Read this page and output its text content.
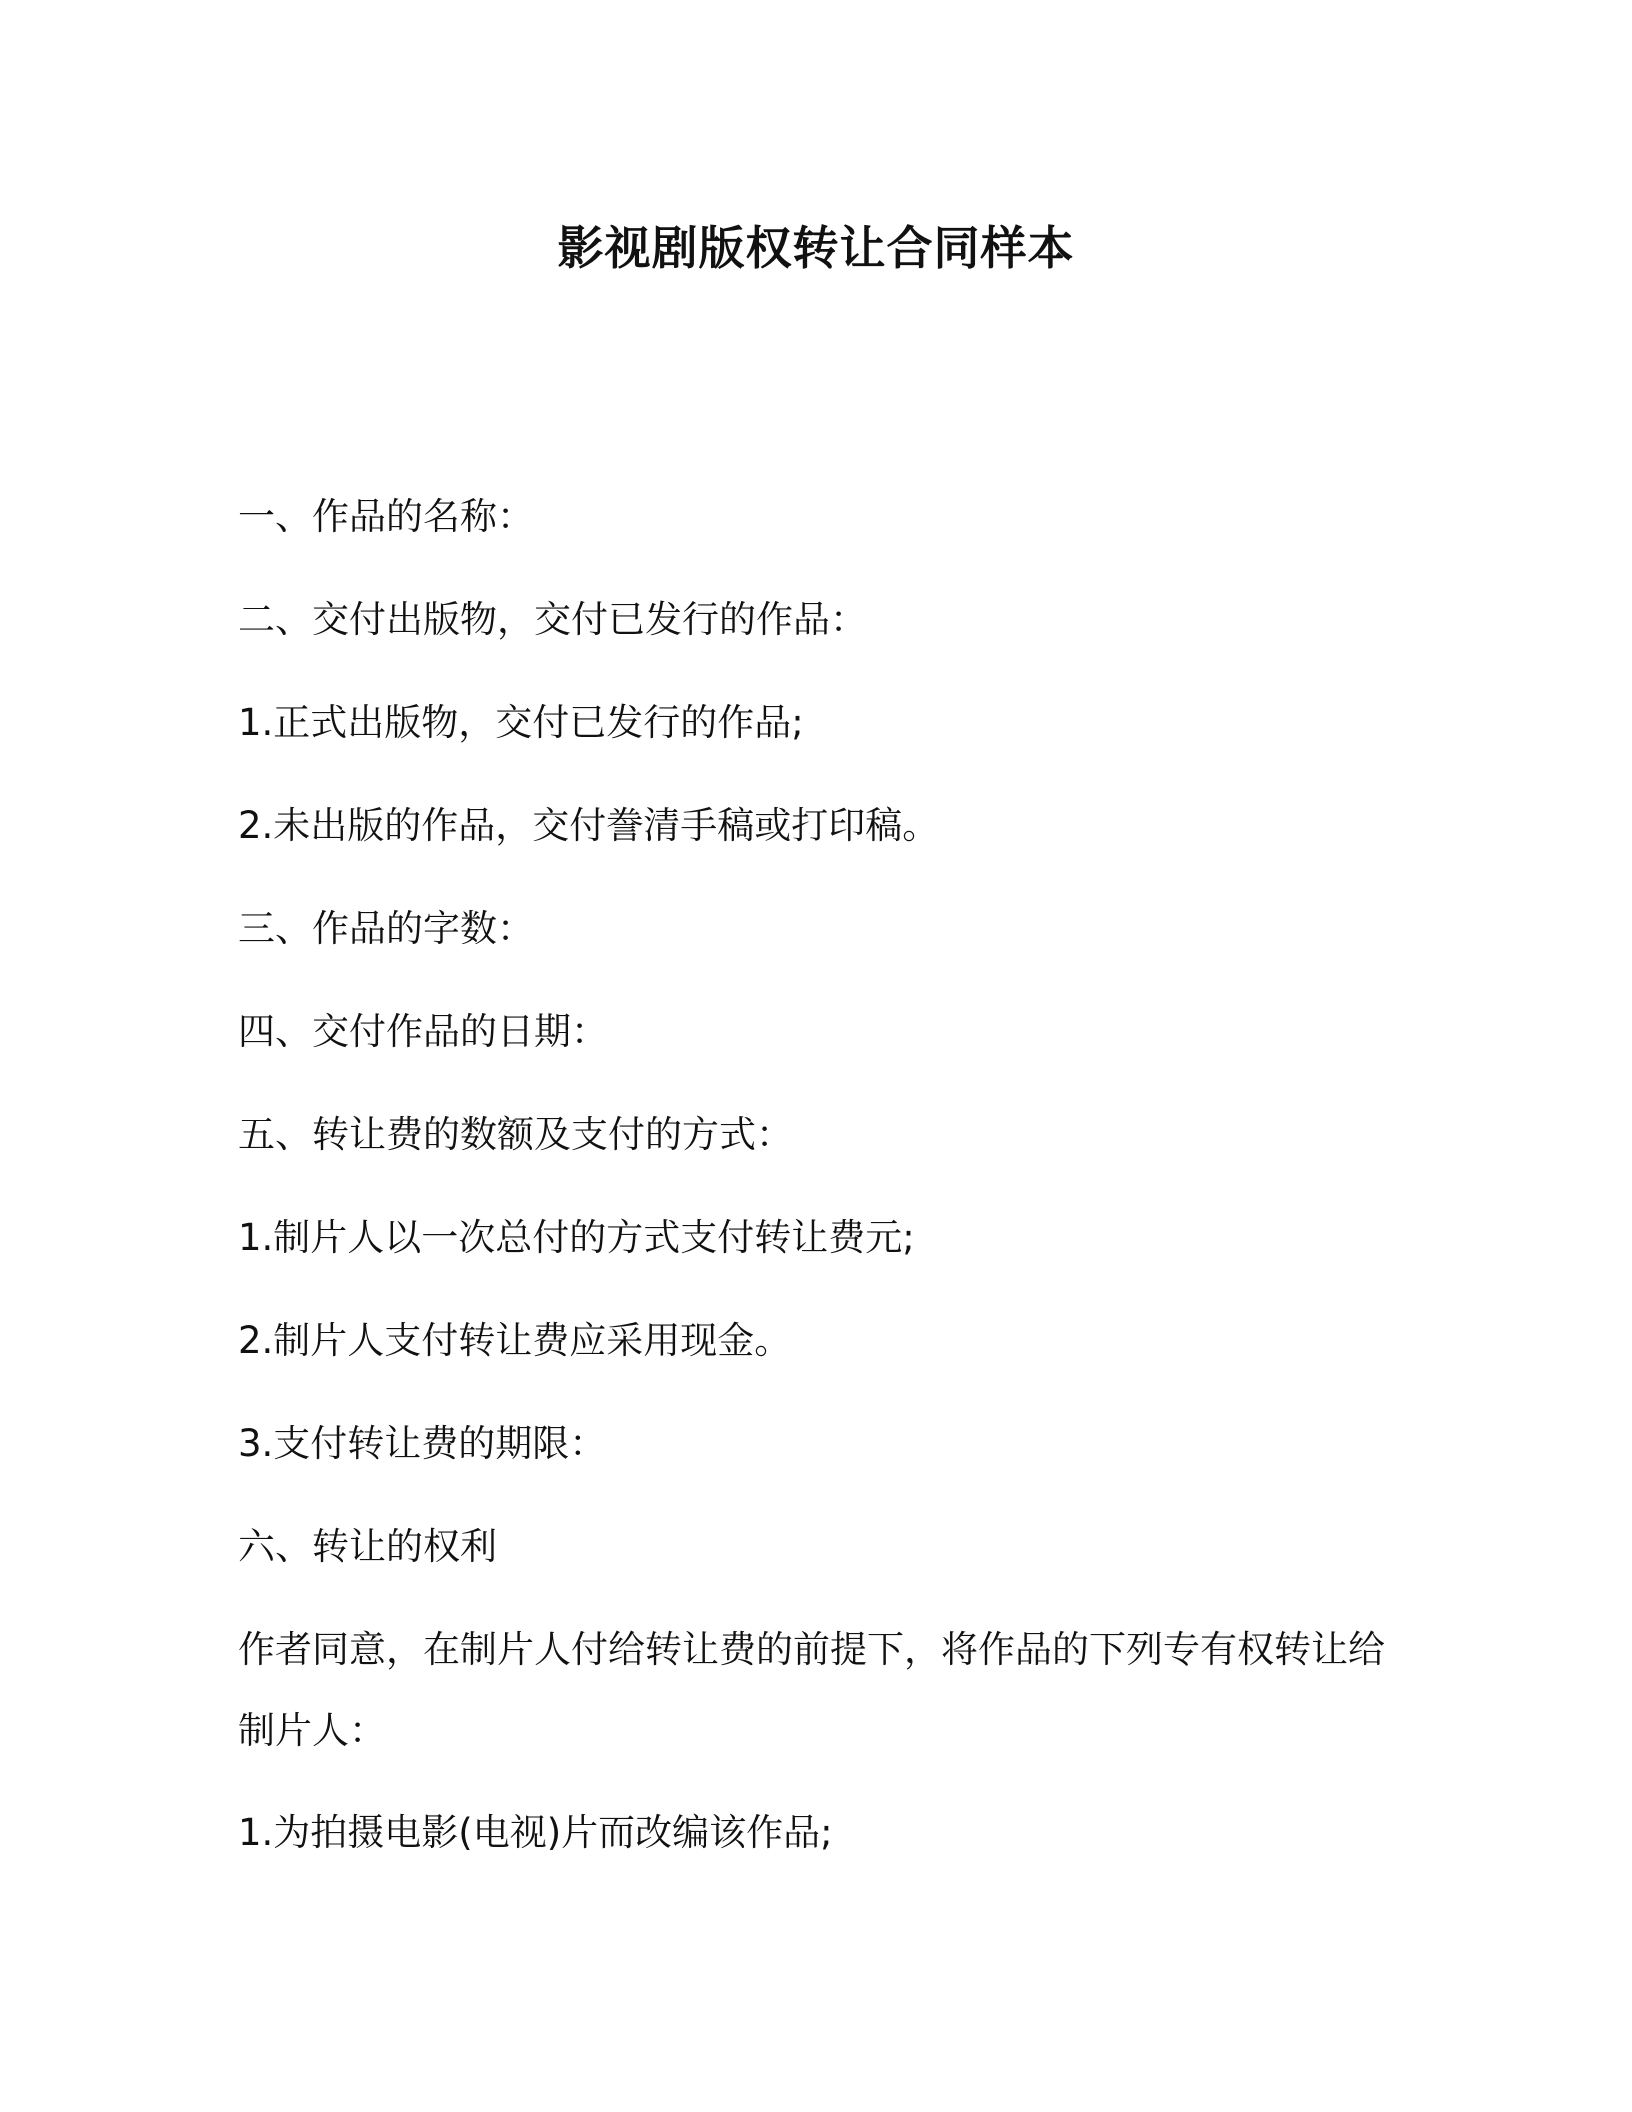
影视剧版权转让合同样本

一、作品的名称：

二、交付出版物，交付已发行的作品：

1.正式出版物，交付已发行的作品;

2.未出版的作品，交付誊清手稿或打印稿。

三、作品的字数：

四、交付作品的日期：

五、转让费的数额及支付的方式：

1.制片人以一次总付的方式支付转让费元;

2.制片人支付转让费应采用现金。

3.支付转让费的期限：

六、转让的权利

作者同意，在制片人付给转让费的前提下，将作品的下列专有权转让给制片人：

1.为拍摄电影(电视)片而改编该作品;
